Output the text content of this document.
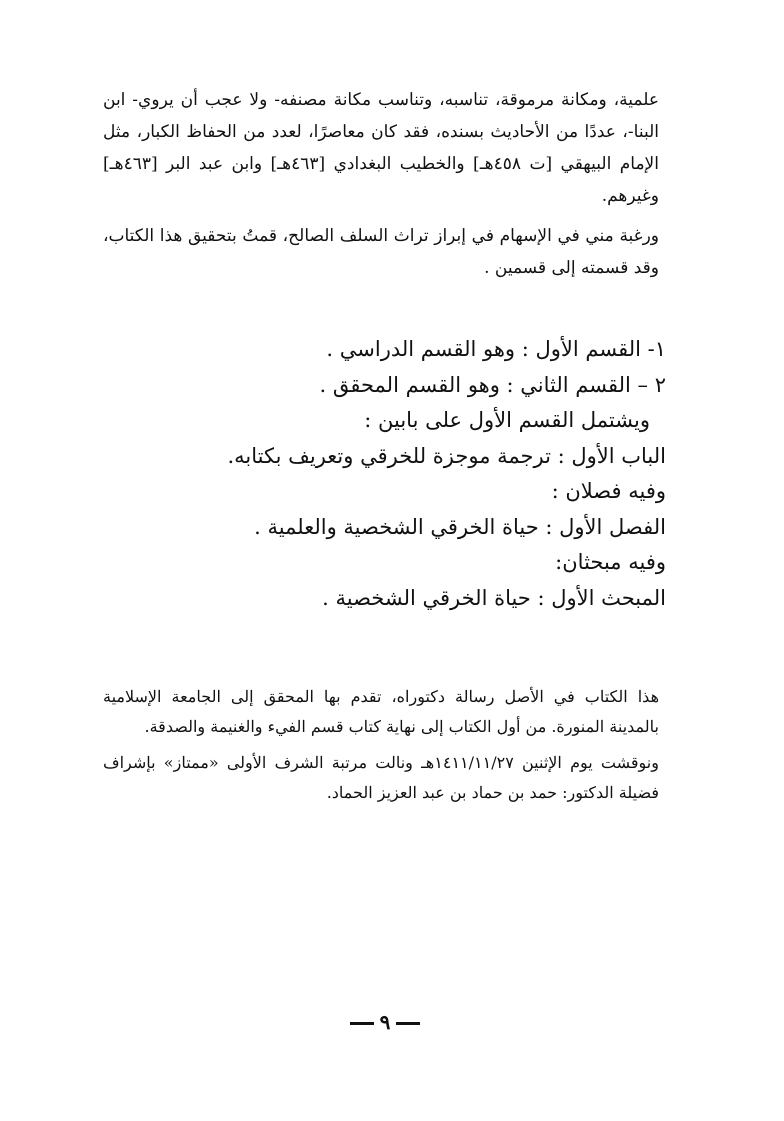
علمية، ومكانة مرموقة، تناسبه، وتناسب مكانة مصنفه- ولا عجب أن يروي- ابن البنا-، عددًا من الأحاديث بسنده، فقد كان معاصرًا، لعدد من الحفاظ الكبار، مثل الإمام البيهقي [ت ٤٥٨هـ] والخطيب البغدادي [٤٦٣هـ] وابن عبد البر [٤٦٣هـ] وغيرهم.

ورغبة مني في الإسهام في إبراز تراث السلف الصالح، قمتُ بتحقيق هذا الكتاب، وقد قسمته إلى قسمين .

١- القسم الأول : وهو القسم الدراسي .
٢ – القسم الثاني : وهو القسم المحقق .
ويشتمل القسم الأول على بابين :
الباب الأول : ترجمة موجزة للخرقي وتعريف بكتابه.
وفيه فصلان :
الفصل الأول : حياة الخرقي الشخصية والعلمية .
وفيه مبحثان:
المبحث الأول : حياة الخرقي الشخصية .

هذا الكتاب في الأصل رسالة دكتوراه، تقدم بها المحقق إلى الجامعة الإسلامية بالمدينة المنورة. من أول الكتاب إلى نهاية كتاب قسم الفيء والغنيمة والصدقة.

ونوقشت يوم الإثنين ١٤١١/١١/٢٧هـ ونالت مرتبة الشرف الأولى «ممتاز» بإشراف فضيلة الدكتور: حمد بن حماد بن عبد العزيز الحماد.

٩
